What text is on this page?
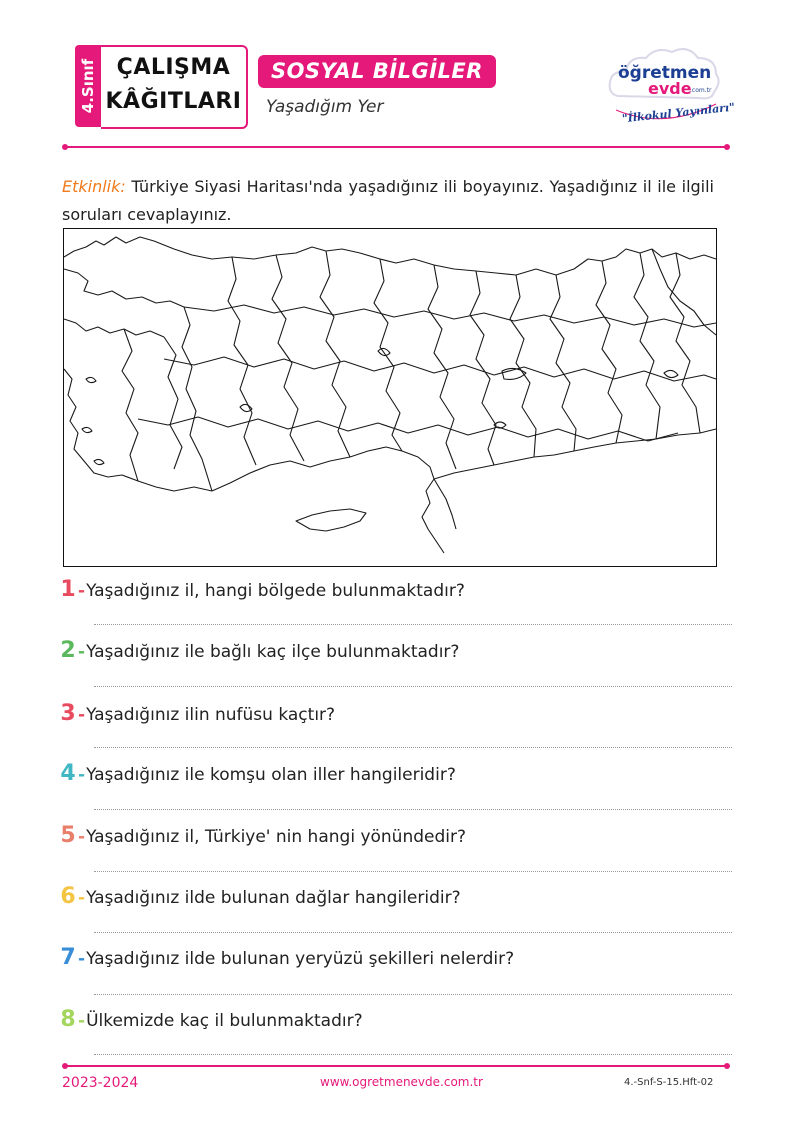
4.Sınıf ÇALIŞMA
KÂĞITLARI
SOSYAL BİLGİLER
Yaşadığım Yer
öğretmen
evde
.com.tr
"İlkokul Yayınları"
Etkinlik: Türkiye Siyasi Haritası'nda yaşadığınız ili boyayınız. Yaşadığınız il ile ilgili soruları cevaplayınız.
1 -Yaşadığınız il, hangi bölgede bulunmaktadır?
2 -Yaşadığınız ile bağlı kaç ilçe bulunmaktadır?
3 -Yaşadığınız ilin nufüsu kaçtır?
4 -Yaşadığınız ile komşu olan iller hangileridir?
5 -Yaşadığınız il, Türkiye' nin hangi yönündedir?
6 -Yaşadığınız ilde bulunan dağlar hangileridir?
7 -Yaşadığınız ilde bulunan yeryüzü şekilleri nelerdir?
8 -Ülkemizde kaç il bulunmaktadır?
2023-2024	www.ogretmenevde.com.tr	4.-Snf-S-15.Hft-02
